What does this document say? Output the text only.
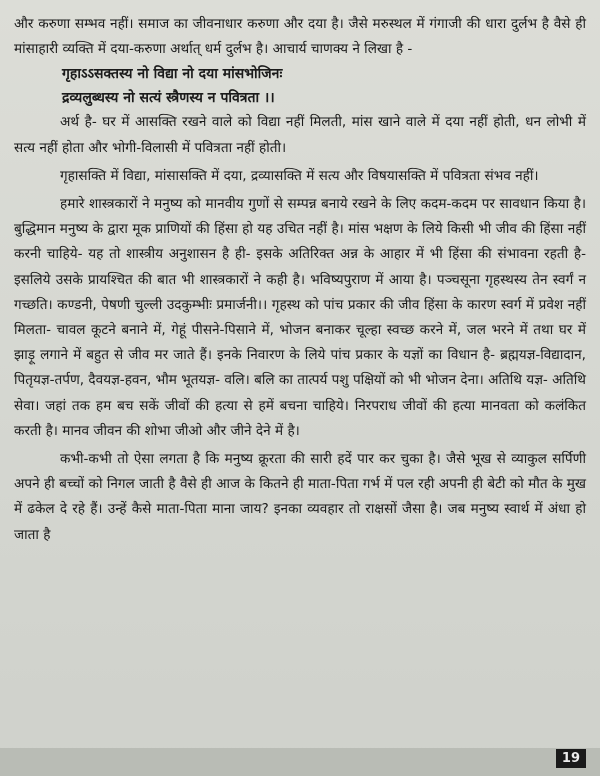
और करुणा सम्भव नहीं। समाज का जीवनाधार करुणा और दया है। जैसे मरुस्थल में गंगाजी की धारा दुर्लभ है वैसे ही मांसाहारी व्यक्ति में दया-करुणा अर्थात् धर्म दुर्लभ है। आचार्य चाणक्य ने लिखा है -

गृहाऽऽसक्तस्य नो विद्या नो दया मांसभोजिनः
द्रव्यलुब्धस्य नो सत्यं स्त्रैणस्य न पवित्रता ।।

अर्थ है- घर में आसक्ति रखने वाले को विद्या नहीं मिलती, मांस खाने वाले में दया नहीं होती, धन लोभी में सत्य नहीं होता और भोगी-विलासी में पवित्रता नहीं होती।

गृहासक्ति में विद्या, मांसासक्ति में दया, द्रव्यासक्ति में सत्य और विषयासक्ति में पवित्रता संभव नहीं।

हमारे शास्त्रकारों ने मनुष्य को मानवीय गुणों से सम्पन्न बनाये रखने के लिए कदम-कदम पर सावधान किया है। बुद्धिमान मनुष्य के द्वारा मूक प्राणियों की हिंसा हो यह उचित नहीं है। मांस भक्षण के लिये किसी भी जीव की हिंसा नहीं करनी चाहिये- यह तो शास्त्रीय अनुशासन है ही- इसके अतिरिक्त अन्न के आहार में भी हिंसा की संभावना रहती है- इसलिये उसके प्रायश्चित की बात भी शास्त्रकारों ने कही है। भविष्यपुराण में आया है। पञ्चसूना गृहस्थस्य तेन स्वर्गं न गच्छति। कण्डनी, पेषणी चुल्ली उदकुम्भीः प्रमार्जनी।। गृहस्थ को पांच प्रकार की जीव हिंसा के कारण स्वर्ग में प्रवेश नहीं मिलता- चावल कूटने बनाने में, गेहूं पीसने-पिसाने में, भोजन बनाकर चूल्हा स्वच्छ करने में, जल भरने में तथा घर में झाड़ू लगाने में बहुत से जीव मर जाते हैं। इनके निवारण के लिये पांच प्रकार के यज्ञों का विधान है- ब्रह्मयज्ञ-विद्यादान, पितृयज्ञ-तर्पण, दैवयज्ञ-हवन, भौम भूतयज्ञ- वलि। बलि का तात्पर्य पशु पक्षियों को भी भोजन देना। अतिथि यज्ञ- अतिथि सेवा। जहां तक हम बच सकें जीवों की हत्या से हमें बचना चाहिये। निरपराध जीवों की हत्या मानवता को कलंकित करती है। मानव जीवन की शोभा जीओ और जीने देने में है।

कभी-कभी तो ऐसा लगता है कि मनुष्य क्रूरता की सारी हदें पार कर चुका है। जैसे भूख से व्याकुल सर्पिणी अपने ही बच्चों को निगल जाती है वैसे ही आज के कितने ही माता-पिता गर्भ में पल रही अपनी ही बेटी को मौत के मुख में ढकेल दे रहे हैं। उन्हें कैसे माता-पिता माना जाय? इनका व्यवहार तो राक्षसों जैसा है। जब मनुष्य स्वार्थ में अंधा हो जाता है

19
